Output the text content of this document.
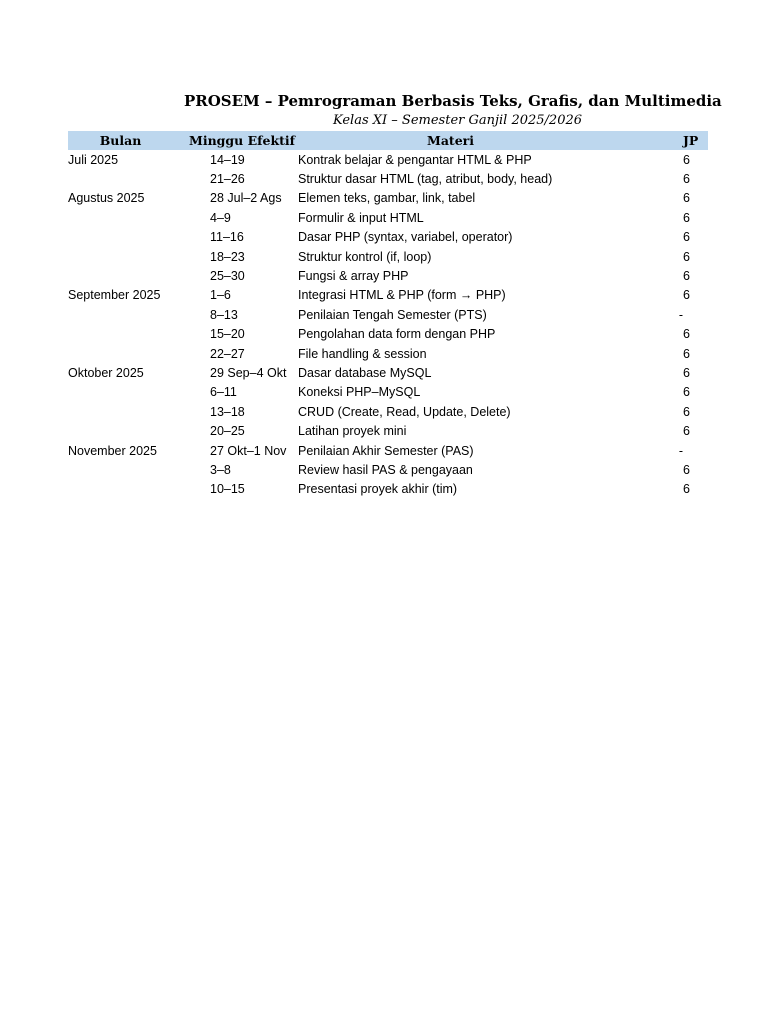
PROSEM – Pemrograman Berbasis Teks, Grafis, dan Multimedia
Kelas XI – Semester Ganjil 2025/2026
Bulan	Minggu Efektif	Materi		JP
Juli 2025	14–19	Kontrak belajar & pengantar HTML & PHP		6
	21–26	Struktur dasar HTML (tag, atribut, body, head)		6
Agustus 2025	28 Jul–2 Ags	Elemen teks, gambar, link, tabel		6
	4–9	Formulir & input HTML		6
	11–16	Dasar PHP (syntax, variabel, operator)		6
	18–23	Struktur kontrol (if, loop)		6
	25–30	Fungsi & array PHP		6
September 2025	1–6	Integrasi HTML & PHP (form → PHP)		6
	8–13	Penilaian Tengah Semester (PTS)	-	
	15–20	Pengolahan data form dengan PHP		6
	22–27	File handling & session		6
Oktober 2025	29 Sep–4 Okt	Dasar database MySQL		6
	6–11	Koneksi PHP–MySQL		6
	13–18	CRUD (Create, Read, Update, Delete)		6
	20–25	Latihan proyek mini		6
November 2025	27 Okt–1 Nov	Penilaian Akhir Semester (PAS)	-	
	3–8	Review hasil PAS & pengayaan		6
	10–15	Presentasi proyek akhir (tim)		6
